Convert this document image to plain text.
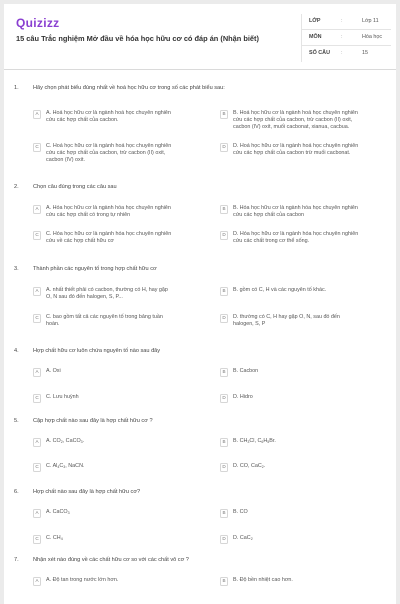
Quizizz
15 câu Trắc nghiệm Mở đầu về hóa học hữu cơ có đáp án (Nhận biết)
LỚP	:	Lớp 11
MÔN	:	Hóa học
SỐ CÂU :	15
1.	Hãy chọn phát biểu đúng nhất về hoá học hữu cơ trong số các phát biểu sau:
A	A. Hoá học hữu cơ là ngành hoá học chuyên nghiên
cứu các hợp chất của cacbon.
B	B. Hoá học hữu cơ là ngành hoá học chuyên nghiên
cứu các hợp chất của cacbon, trừ cacbon (II) oxit,
cacbon (IV) oxit, muối cacbonat, xianua, cacbua.
C	C. Hoá học hữu cơ là ngành hoá học chuyên nghiên
cứu các hợp chất của cacbon, trừ cacbon (II) oxit,
cacbon (IV) oxit.
D	D. Hoá học hữu cơ là ngành hoá học chuyên nghiên
cứu các hợp chất của cacbon trừ muối cacbonat.
2.	Chọn câu đúng trong các câu sau
A	A. Hóa học hữu cơ là ngành hóa học chuyên nghiên
cứu các hợp chất có trong tự nhiên
B	B. Hóa học hữu cơ là ngành hóa học chuyên nghiên
cứu các hợp chất của cacbon
C	C. Hóa học hữu cơ là ngành hóa học chuyên nghiên
cứu về các hợp chất hữu cơ
D	D. Hóa học hữu cơ là ngành hóa học chuyên nghiên
cứu các chất trong cơ thể sống.
3.	Thành phần các nguyên tố trong hợp chất hữu cơ
A	A. nhất thiết phải có cacbon, thường có H, hay gặp
O, N sau đó đến halogen, S, P...
B	B. gồm có C, H và các nguyên tố khác.
C	C. bao gồm tất cả các nguyên tố trong bảng tuần
hoàn.
D	D. thường có C, H hay gặp O, N, sau đó đến
halogen, S, P
4.	Hợp chất hữu cơ luôn chứa nguyên tố nào sau đây
A	A. Oxi	B	B. Cacbon
C	C. Lưu huỳnh	D	D. Hidro
5.	Cặp hợp chất nào sau đây là hợp chất hữu cơ ?
A	A. $CO_2$, CaCO$_3$.	B	B. $CH_3Cl$, $C_6H_5Br$.
C	C. $Al_4C_3$, NaCN.	D	D. CO, CaC$_2$.
6.	Hợp chất nào sau đây là hợp chất hữu cơ?
A	A. CaCO$_3$	B	B. CO
C	C. $CH_4$	D	D. CaC$_2$
7.	Nhận xét nào đúng về các chất hữu cơ so với các chất vô cơ ?
A	A. Độ tan trong nước lớn hơn.	B	B. Độ bền nhiệt cao hơn.
